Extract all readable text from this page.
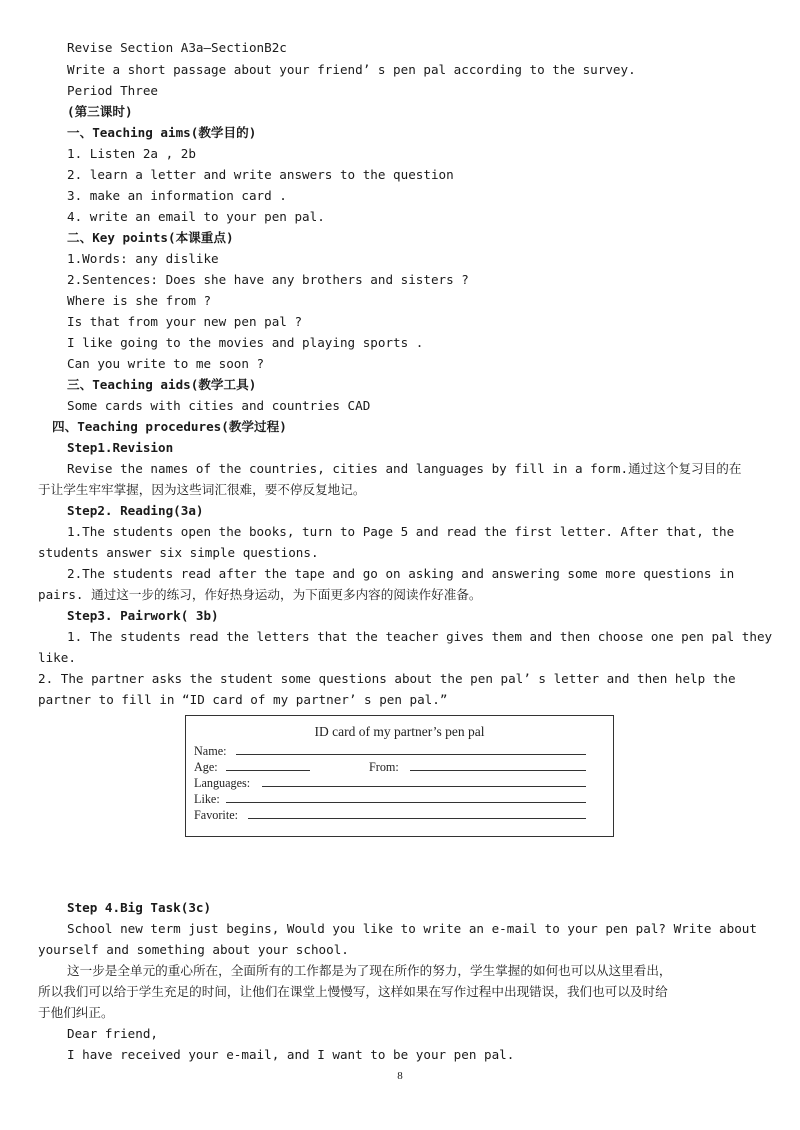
Revise Section A3a—SectionB2c
Write a short passage about your friend’ s pen pal according to the survey.
Period Three
(第三课时)
一、Teaching aims(教学目的)
1. Listen 2a , 2b
2. learn a letter and write answers to the question
3. make an information card .
4. write an email to your pen pal.
二、Key points(本课重点)
1.Words: any dislike
2.Sentences: Does she have any brothers and sisters ?
Where is she from ?
Is that from your new pen pal ?
I like going to the movies and playing sports .
Can you write to me soon ?
三、Teaching aids(教学工具)
Some cards with cities and countries CAD
四、Teaching procedures(教学过程)
Step1.Revision
Revise the names of the countries, cities and languages by fill in a form.通过这个复习目的在
于让学生牢牢掌握，因为这些词汇很难，要不停反复地记。
Step2. Reading(3a)
1.The students open the books, turn to Page 5 and read the first letter. After that, the
students answer six simple questions.
2.The students read after the tape and go on asking and answering some more questions in
pairs. 通过这一步的练习，作好热身运动，为下面更多内容的阅读作好准备。
Step3. Pairwork( 3b)
1. The students read the letters that the teacher gives them and then choose one pen pal they
like.
2. The partner asks the student some questions about the pen pal’ s letter and then help the
partner to fill in “ID card of my partner’ s pen pal.”
ID card of my partner’s pen pal
Name:
Age:	From:
Languages:
Like:
Favorite:
Step 4.Big Task(3c)
School new term just begins, Would you like to write an e-mail to your pen pal? Write about
yourself and something about your school.
这一步是全单元的重心所在，全面所有的工作都是为了现在所作的努力，学生掌握的如何也可以从这里看出，
所以我们可以给于学生充足的时间，让他们在课堂上慢慢写，这样如果在写作过程中出现错误，我们也可以及时给
于他们纠正。
Dear friend,
I have received your e-mail, and I want to be your pen pal.
8
